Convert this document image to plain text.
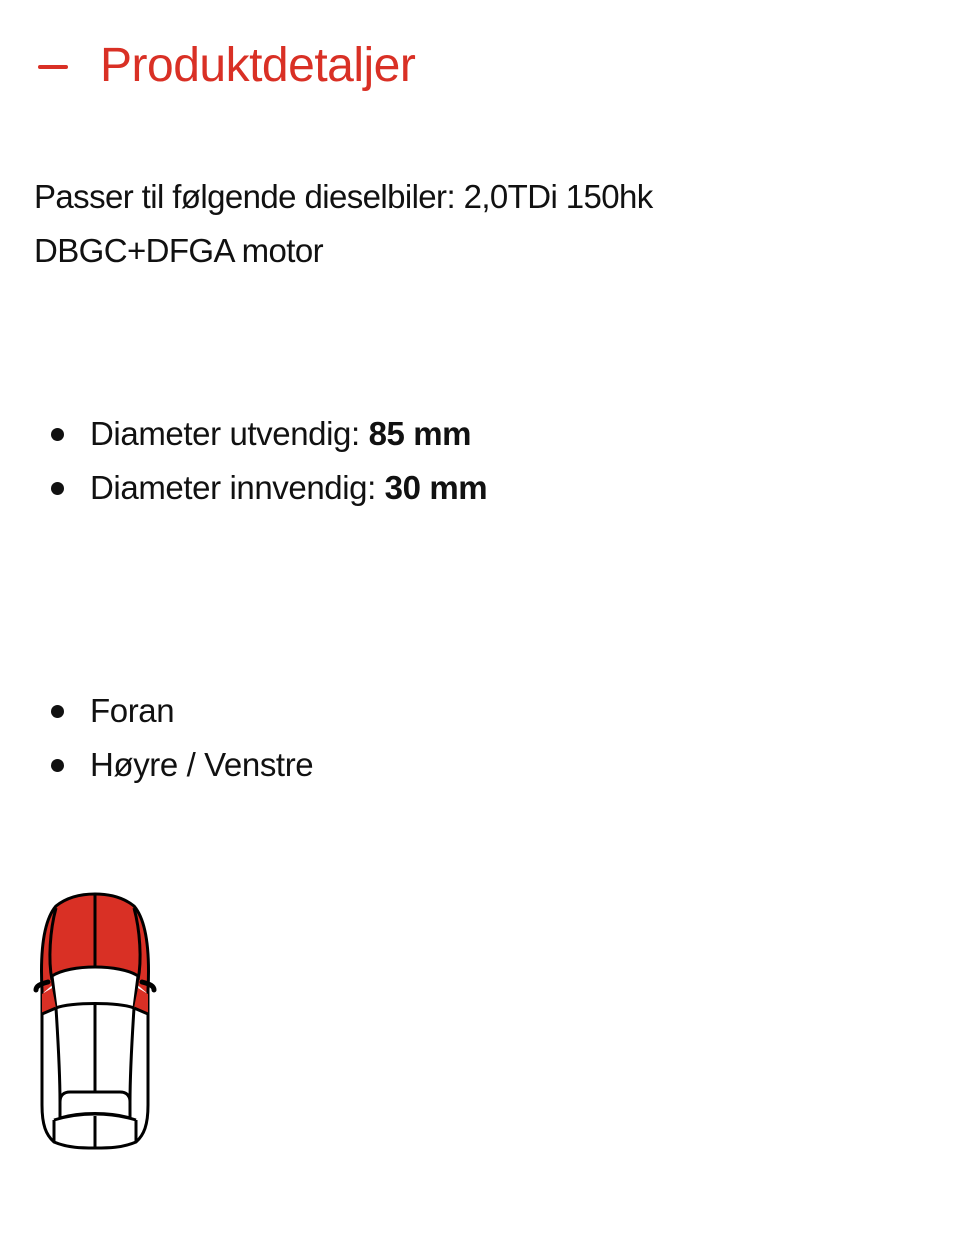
Produktdetaljer
Passer til følgende dieselbiler: 2,0TDi 150hk
DBGC+DFGA motor
Diameter utvendig: 85 mm
Diameter innvendig: 30 mm
Foran
Høyre / Venstre
